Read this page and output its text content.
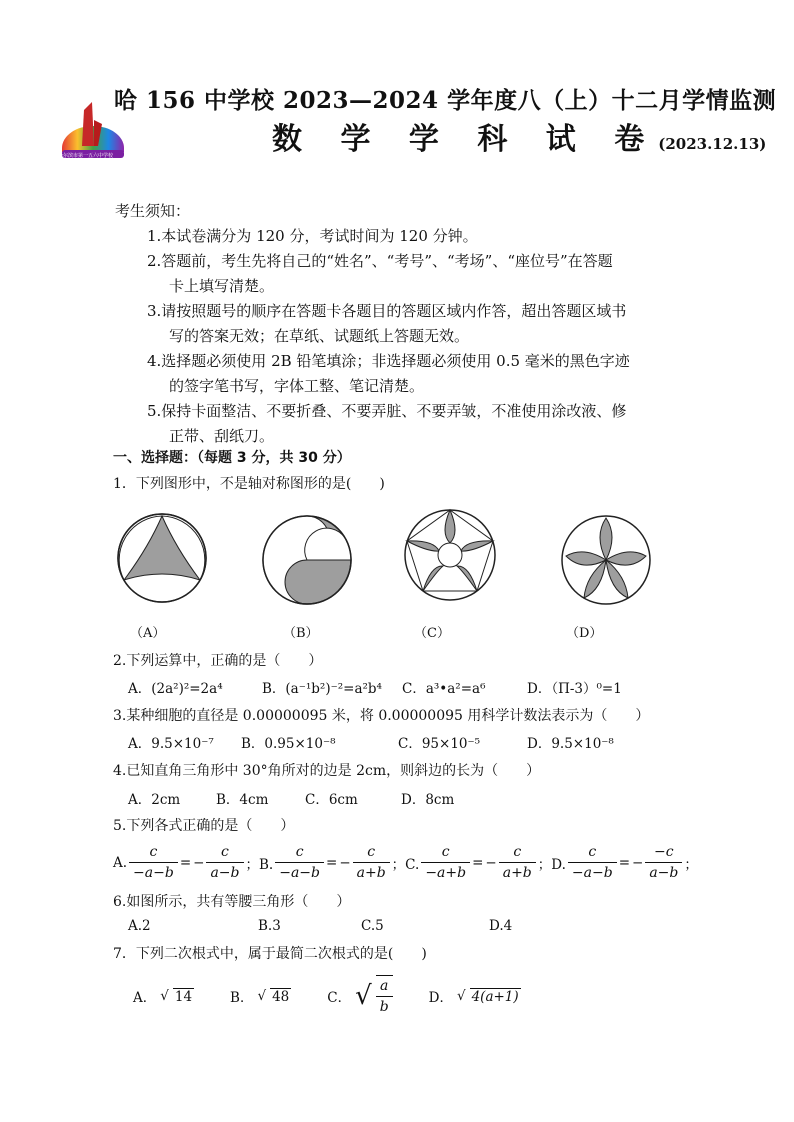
哈尔滨市第一五六中学校
哈 156 中学校 2023—2024 学年度八（上）十二月学情监测
数 学 学 科 试 卷(2023.12.13)
考生须知：
1.本试卷满分为 120 分，考试时间为 120 分钟。
2.答题前，考生先将自己的“姓名”、“考号”、“考场”、“座位号”在答题
卡上填写清楚。
3.请按照题号的顺序在答题卡各题目的答题区域内作答，超出答题区域书
写的答案无效；在草纸、试题纸上答题无效。
4.选择题必须使用 2B 铅笔填涂；非选择题必须使用 0.5 毫米的黑色字迹
的签字笔书写，字体工整、笔记清楚。
5.保持卡面整洁、不要折叠、不要弄脏、不要弄皱，不准使用涂改液、修
正带、刮纸刀。
一、选择题：（每题 3 分，共 30 分）
1．下列图形中，不是轴对称图形的是(　　)
（A）	（B）	（C）	（D）
2.下列运算中，正确的是（　　）
A．(2a²)²=2a⁴	B．(a⁻¹b²)⁻²=a²b⁴ C．a³•a²=a⁶	D．（Π-3）⁰=1
3.某种细胞的直径是 0.00000095 米，将 0.00000095 用科学计数法表示为（　　）
A．9.5×10⁻⁷ B．0.95×10⁻⁸	C．95×10⁻⁵	D．9.5×10⁻⁸
4.已知直角三角形中 30°角所对的边是 2cm，则斜边的长为（　　）
A．2cm	B．4cm	C．6cm	D．8cm
5.下列各式正确的是（　　）
A. $\frac{c}{-a-b}$ = − $\frac{c}{a-b}$ ；B. $\frac{c}{-a-b}$ = − $\frac{c}{a+b}$ ；C. $\frac{c}{-a+b}$ = − $\frac{c}{a+b}$ ；D. $\frac{c}{-a-b}$ = − $\frac{-c}{a-b}$ ；
6.如图所示，共有等腰三角形（　　）
A.2	B.3	C.5	D.4
7．下列二次根式中，属于最简二次根式的是(　　)
A． √ 14	B． √ 48	C． √ $\frac{a}{b}$	D． √ 4(a+1)
